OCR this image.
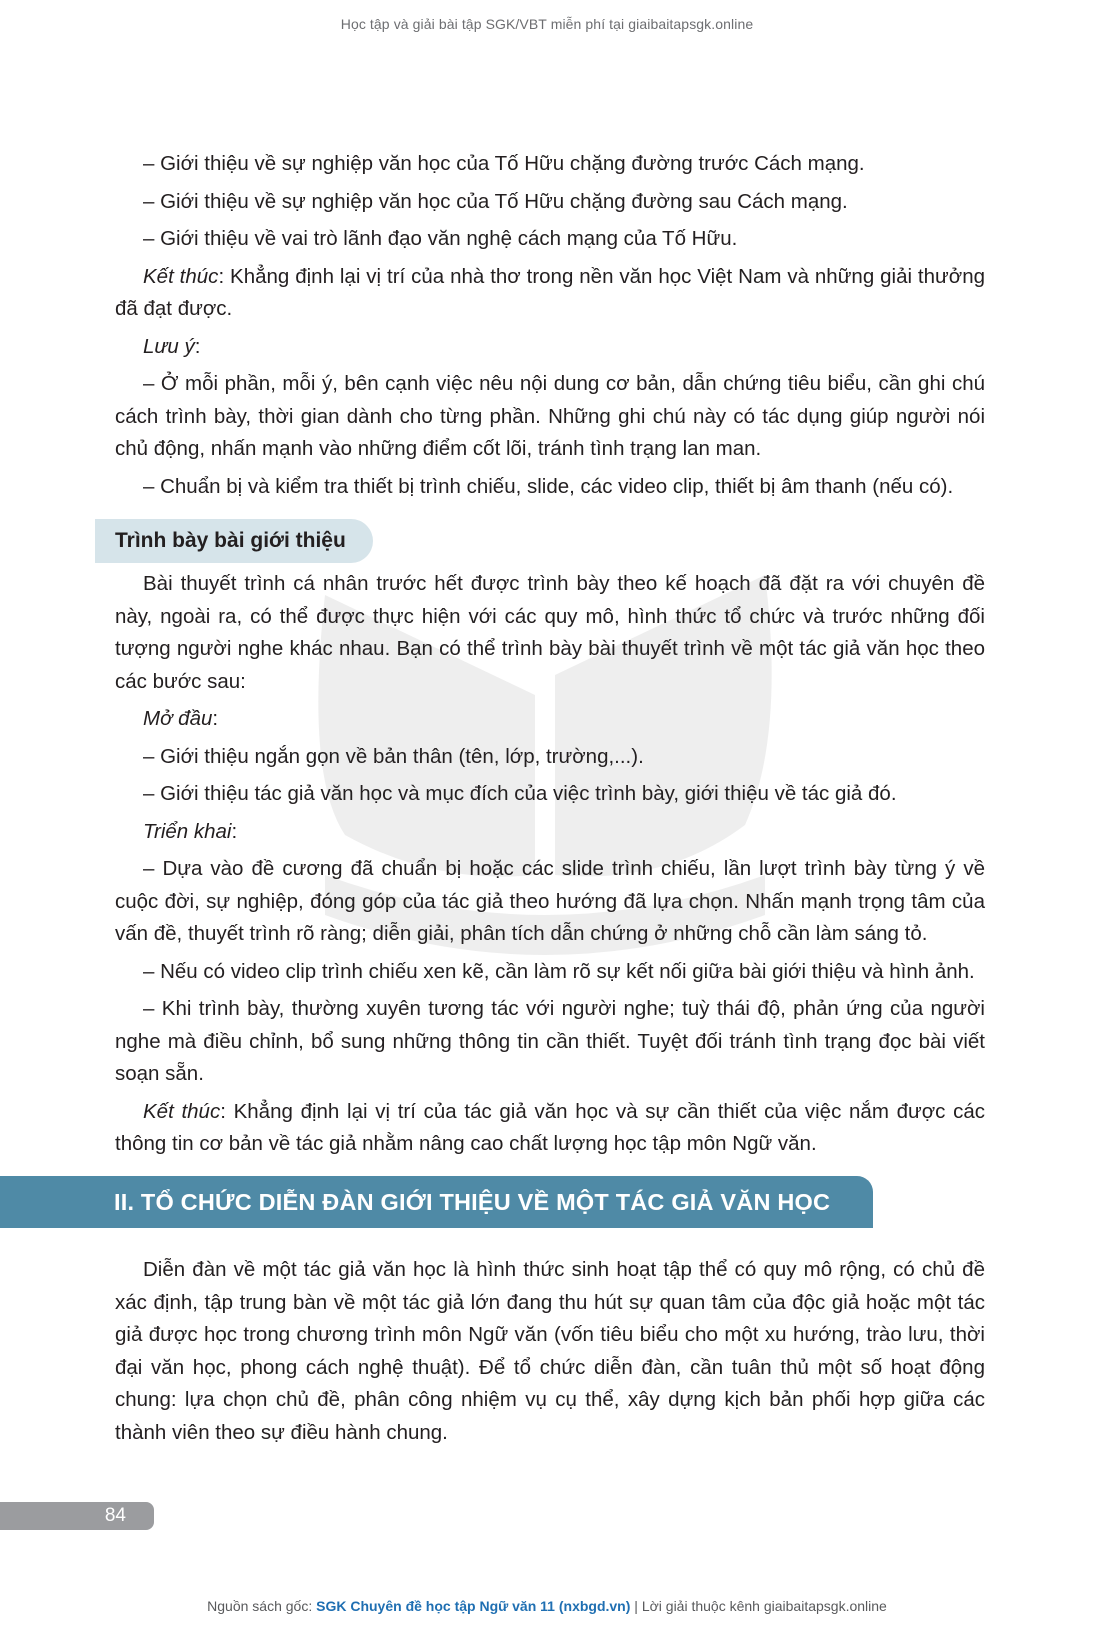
Học tập và giải bài tập SGK/VBT miễn phí tại giaibaitapsgk.online

– Giới thiệu về sự nghiệp văn học của Tố Hữu chặng đường trước Cách mạng.

– Giới thiệu về sự nghiệp văn học của Tố Hữu chặng đường sau Cách mạng.

– Giới thiệu về vai trò lãnh đạo văn nghệ cách mạng của Tố Hữu.

Kết thúc: Khẳng định lại vị trí của nhà thơ trong nền văn học Việt Nam và những giải thưởng đã đạt được.

Lưu ý:

– Ở mỗi phần, mỗi ý, bên cạnh việc nêu nội dung cơ bản, dẫn chứng tiêu biểu, cần ghi chú cách trình bày, thời gian dành cho từng phần. Những ghi chú này có tác dụng giúp người nói chủ động, nhấn mạnh vào những điểm cốt lõi, tránh tình trạng lan man.

– Chuẩn bị và kiểm tra thiết bị trình chiếu, slide, các video clip, thiết bị âm thanh (nếu có).

Trình bày bài giới thiệu

Bài thuyết trình cá nhân trước hết được trình bày theo kế hoạch đã đặt ra với chuyên đề này, ngoài ra, có thể được thực hiện với các quy mô, hình thức tổ chức và trước những đối tượng người nghe khác nhau. Bạn có thể trình bày bài thuyết trình về một tác giả văn học theo các bước sau:

Mở đầu:

– Giới thiệu ngắn gọn về bản thân (tên, lớp, trường,...).

– Giới thiệu tác giả văn học và mục đích của việc trình bày, giới thiệu về tác giả đó.

Triển khai:

– Dựa vào đề cương đã chuẩn bị hoặc các slide trình chiếu, lần lượt trình bày từng ý về cuộc đời, sự nghiệp, đóng góp của tác giả theo hướng đã lựa chọn. Nhấn mạnh trọng tâm của vấn đề, thuyết trình rõ ràng; diễn giải, phân tích dẫn chứng ở những chỗ cần làm sáng tỏ.

– Nếu có video clip trình chiếu xen kẽ, cần làm rõ sự kết nối giữa bài giới thiệu và hình ảnh.

– Khi trình bày, thường xuyên tương tác với người nghe; tuỳ thái độ, phản ứng của người nghe mà điều chỉnh, bổ sung những thông tin cần thiết. Tuyệt đối tránh tình trạng đọc bài viết soạn sẵn.

Kết thúc: Khẳng định lại vị trí của tác giả văn học và sự cần thiết của việc nắm được các thông tin cơ bản về tác giả nhằm nâng cao chất lượng học tập môn Ngữ văn.

II. TỔ CHỨC DIỄN ĐÀN GIỚI THIỆU VỀ MỘT TÁC GIẢ VĂN HỌC

Diễn đàn về một tác giả văn học là hình thức sinh hoạt tập thể có quy mô rộng, có chủ đề xác định, tập trung bàn về một tác giả lớn đang thu hút sự quan tâm của độc giả hoặc một tác giả được học trong chương trình môn Ngữ văn (vốn tiêu biểu cho một xu hướng, trào lưu, thời đại văn học, phong cách nghệ thuật). Để tổ chức diễn đàn, cần tuân thủ một số hoạt động chung: lựa chọn chủ đề, phân công nhiệm vụ cụ thể, xây dựng kịch bản phối hợp giữa các thành viên theo sự điều hành chung.

84
Nguồn sách gốc: SGK Chuyên đề học tập Ngữ văn 11 (nxbgd.vn) | Lời giải thuộc kênh giaibaitapsgk.online
